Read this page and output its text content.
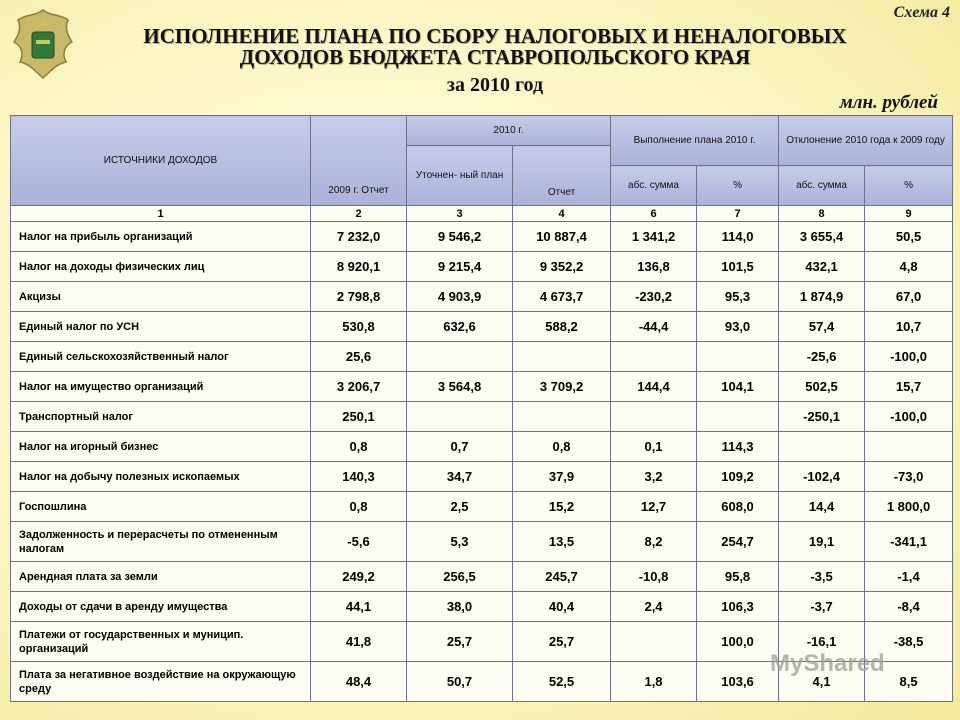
Схема 4
ИСПОЛНЕНИЕ ПЛАНА ПО СБОРУ НАЛОГОВЫХ И НЕНАЛОГОВЫХ
ДОХОДОВ БЮДЖЕТА СТАВРОПОЛЬСКОГО КРАЯ
за 2010 год
млн. рублей
ИСТОЧНИКИ ДОХОДОВ	2009 г. Отчет	2010 г.		Выполнение плана 2010 г.		Отклонение 2010 года к 2009 году	
		Уточнен- ный план	Отчет				
				абс. сумма	%	абс. сумма	%
1	2	3	4	6	7	8	9
Налог на прибыль организаций	7 232,0	9 546,2	10 887,4	1 341,2	114,0	3 655,4	50,5
Налог на доходы физических лиц	8 920,1	9 215,4	9 352,2	136,8	101,5	432,1	4,8
Акцизы	2 798,8	4 903,9	4 673,7	-230,2	95,3	1 874,9	67,0
Единый налог по УСН	530,8	632,6	588,2	-44,4	93,0	57,4	10,7
Единый сельскохозяйственный налог	25,6					-25,6	-100,0
Налог на имущество организаций	3 206,7	3 564,8	3 709,2	144,4	104,1	502,5	15,7
Транспортный налог	250,1					-250,1	-100,0
Налог на игорный бизнес	0,8	0,7	0,8	0,1	114,3		
Налог на добычу полезных ископаемых	140,3	34,7	37,9	3,2	109,2	-102,4	-73,0
Госпошлина	0,8	2,5	15,2	12,7	608,0	14,4	1 800,0
Задолженность и перерасчеты по отмененным налогам	-5,6	5,3	13,5	8,2	254,7	19,1	-341,1
Арендная плата за земли	249,2	256,5	245,7	-10,8	95,8	-3,5	-1,4
Доходы от сдачи в аренду имущества	44,1	38,0	40,4	2,4	106,3	-3,7	-8,4
Платежи от государственных и муницип. организаций	41,8	25,7	25,7		100,0	-16,1	-38,5
Плата за негативное воздействие на окружающую среду	48,4	50,7	52,5	1,8	103,6	4,1	8,5
MyShared
